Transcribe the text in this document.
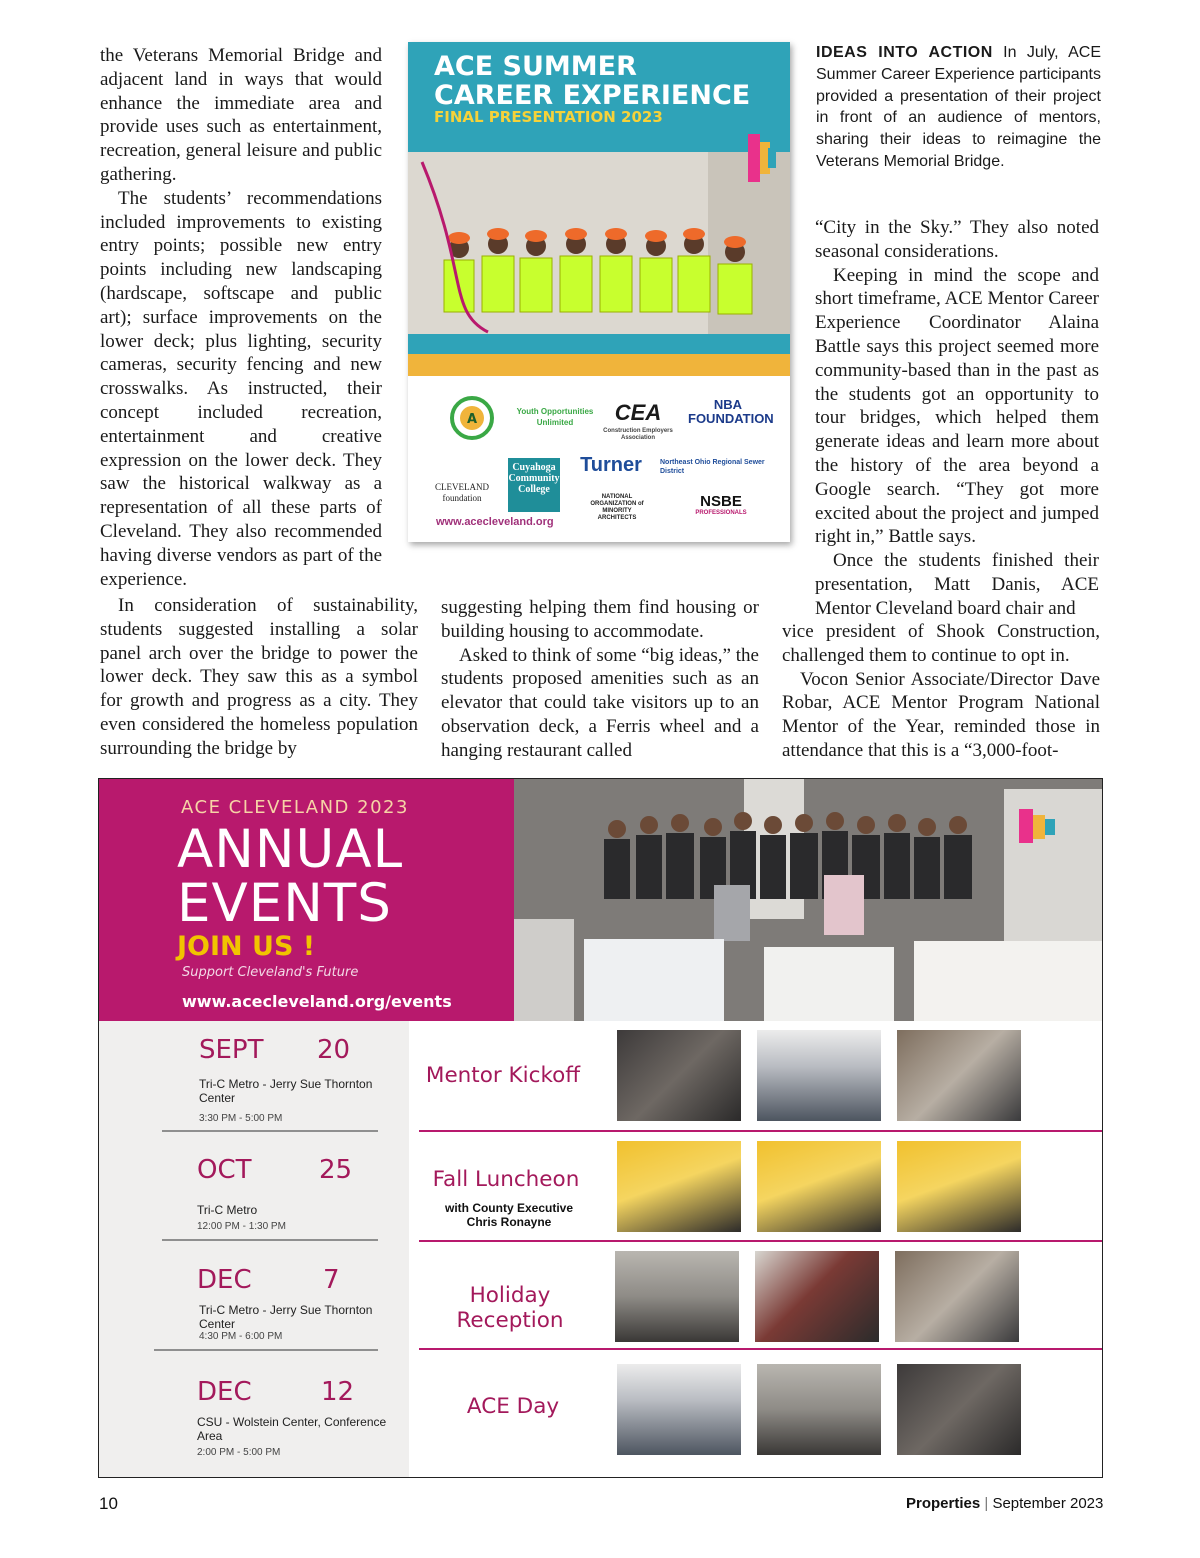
the Veterans Memorial Bridge and adjacent land in ways that would enhance the immediate area and provide uses such as entertainment, recreation, general leisure and public gathering.

The students’ recommendations included improvements to existing entry points; possible new entry points including new landscaping (hardscape, softscape and public art); surface improvements on the lower deck; plus lighting, security cameras, security fencing and new crosswalks. As instructed, their concept included recreation, entertainment and creative expression on the lower deck. They saw the historical walkway as a representation of all these parts of Cleveland. They also recommended having diverse vendors as part of the experience.

In consideration of sustainability, students suggested installing a solar panel arch over the bridge to power the lower deck. They saw this as a symbol for growth and progress as a city. They even considered the homeless population surrounding the bridge by

suggesting helping them find housing or building housing to accommodate.

Asked to think of some “big ideas,” the students proposed amenities such as an elevator that could take visitors up to an observation deck, a Ferris wheel and a hanging restaurant called

“City in the Sky.” They also noted seasonal considerations.

Keeping in mind the scope and short timeframe, ACE Mentor Career Experience Coordinator Alaina Battle says this project seemed more community-based than in the past as the students got an opportunity to tour bridges, which helped them generate ideas and learn more about the history of the area beyond a Google search. “They got more excited about the project and jumped right in,” Battle says.

Once the students finished their presentation, Matt Danis, ACE Mentor Cleveland board chair and

vice president of Shook Construction, challenged them to continue to opt in.

Vocon Senior Associate/Director Dave Robar, ACE Mentor Program National Mentor of the Year, reminded those in attendance that this is a “3,000-foot-

IDEAS INTO ACTION In July, ACE Summer Career Experience participants provided a presentation of their project in front of an audience of mentors, sharing their ideas to reimagine the Veterans Memorial Bridge.
ACE SUMMER
CAREER EXPERIENCE
FINAL PRESENTATION 2023
A
Youth Opportunities Unlimited	CEA
Construction Employers Association
NBA FOUNDATION
CLEVELAND foundation
Cuyahoga Community College
Turner	Northeast Ohio Regional Sewer District
NATIONAL ORGANIZATION of MINORITY ARCHITECTS
NSBE
PROFESSIONALS
www.acecleveland.org
ACE CLEVELAND 2023
ANNUAL
EVENTS
JOIN US !
Support Cleveland's Future
www.acecleveland.org/events
SEPT 20
Tri-C Metro - Jerry Sue Thornton Center
3:30 PM - 5:00 PM
OCT	25
Tri-C Metro
12:00 PM - 1:30 PM
DEC	7
Tri-C Metro - Jerry Sue Thornton Center
4:30 PM - 6:00 PM
DEC	12
CSU - Wolstein Center, Conference Area
2:00 PM - 5:00 PM
Mentor Kickoff
Fall Luncheon
with County Executive Chris Ronayne
Holiday Reception
ACE Day
10	Properties | September 2023
